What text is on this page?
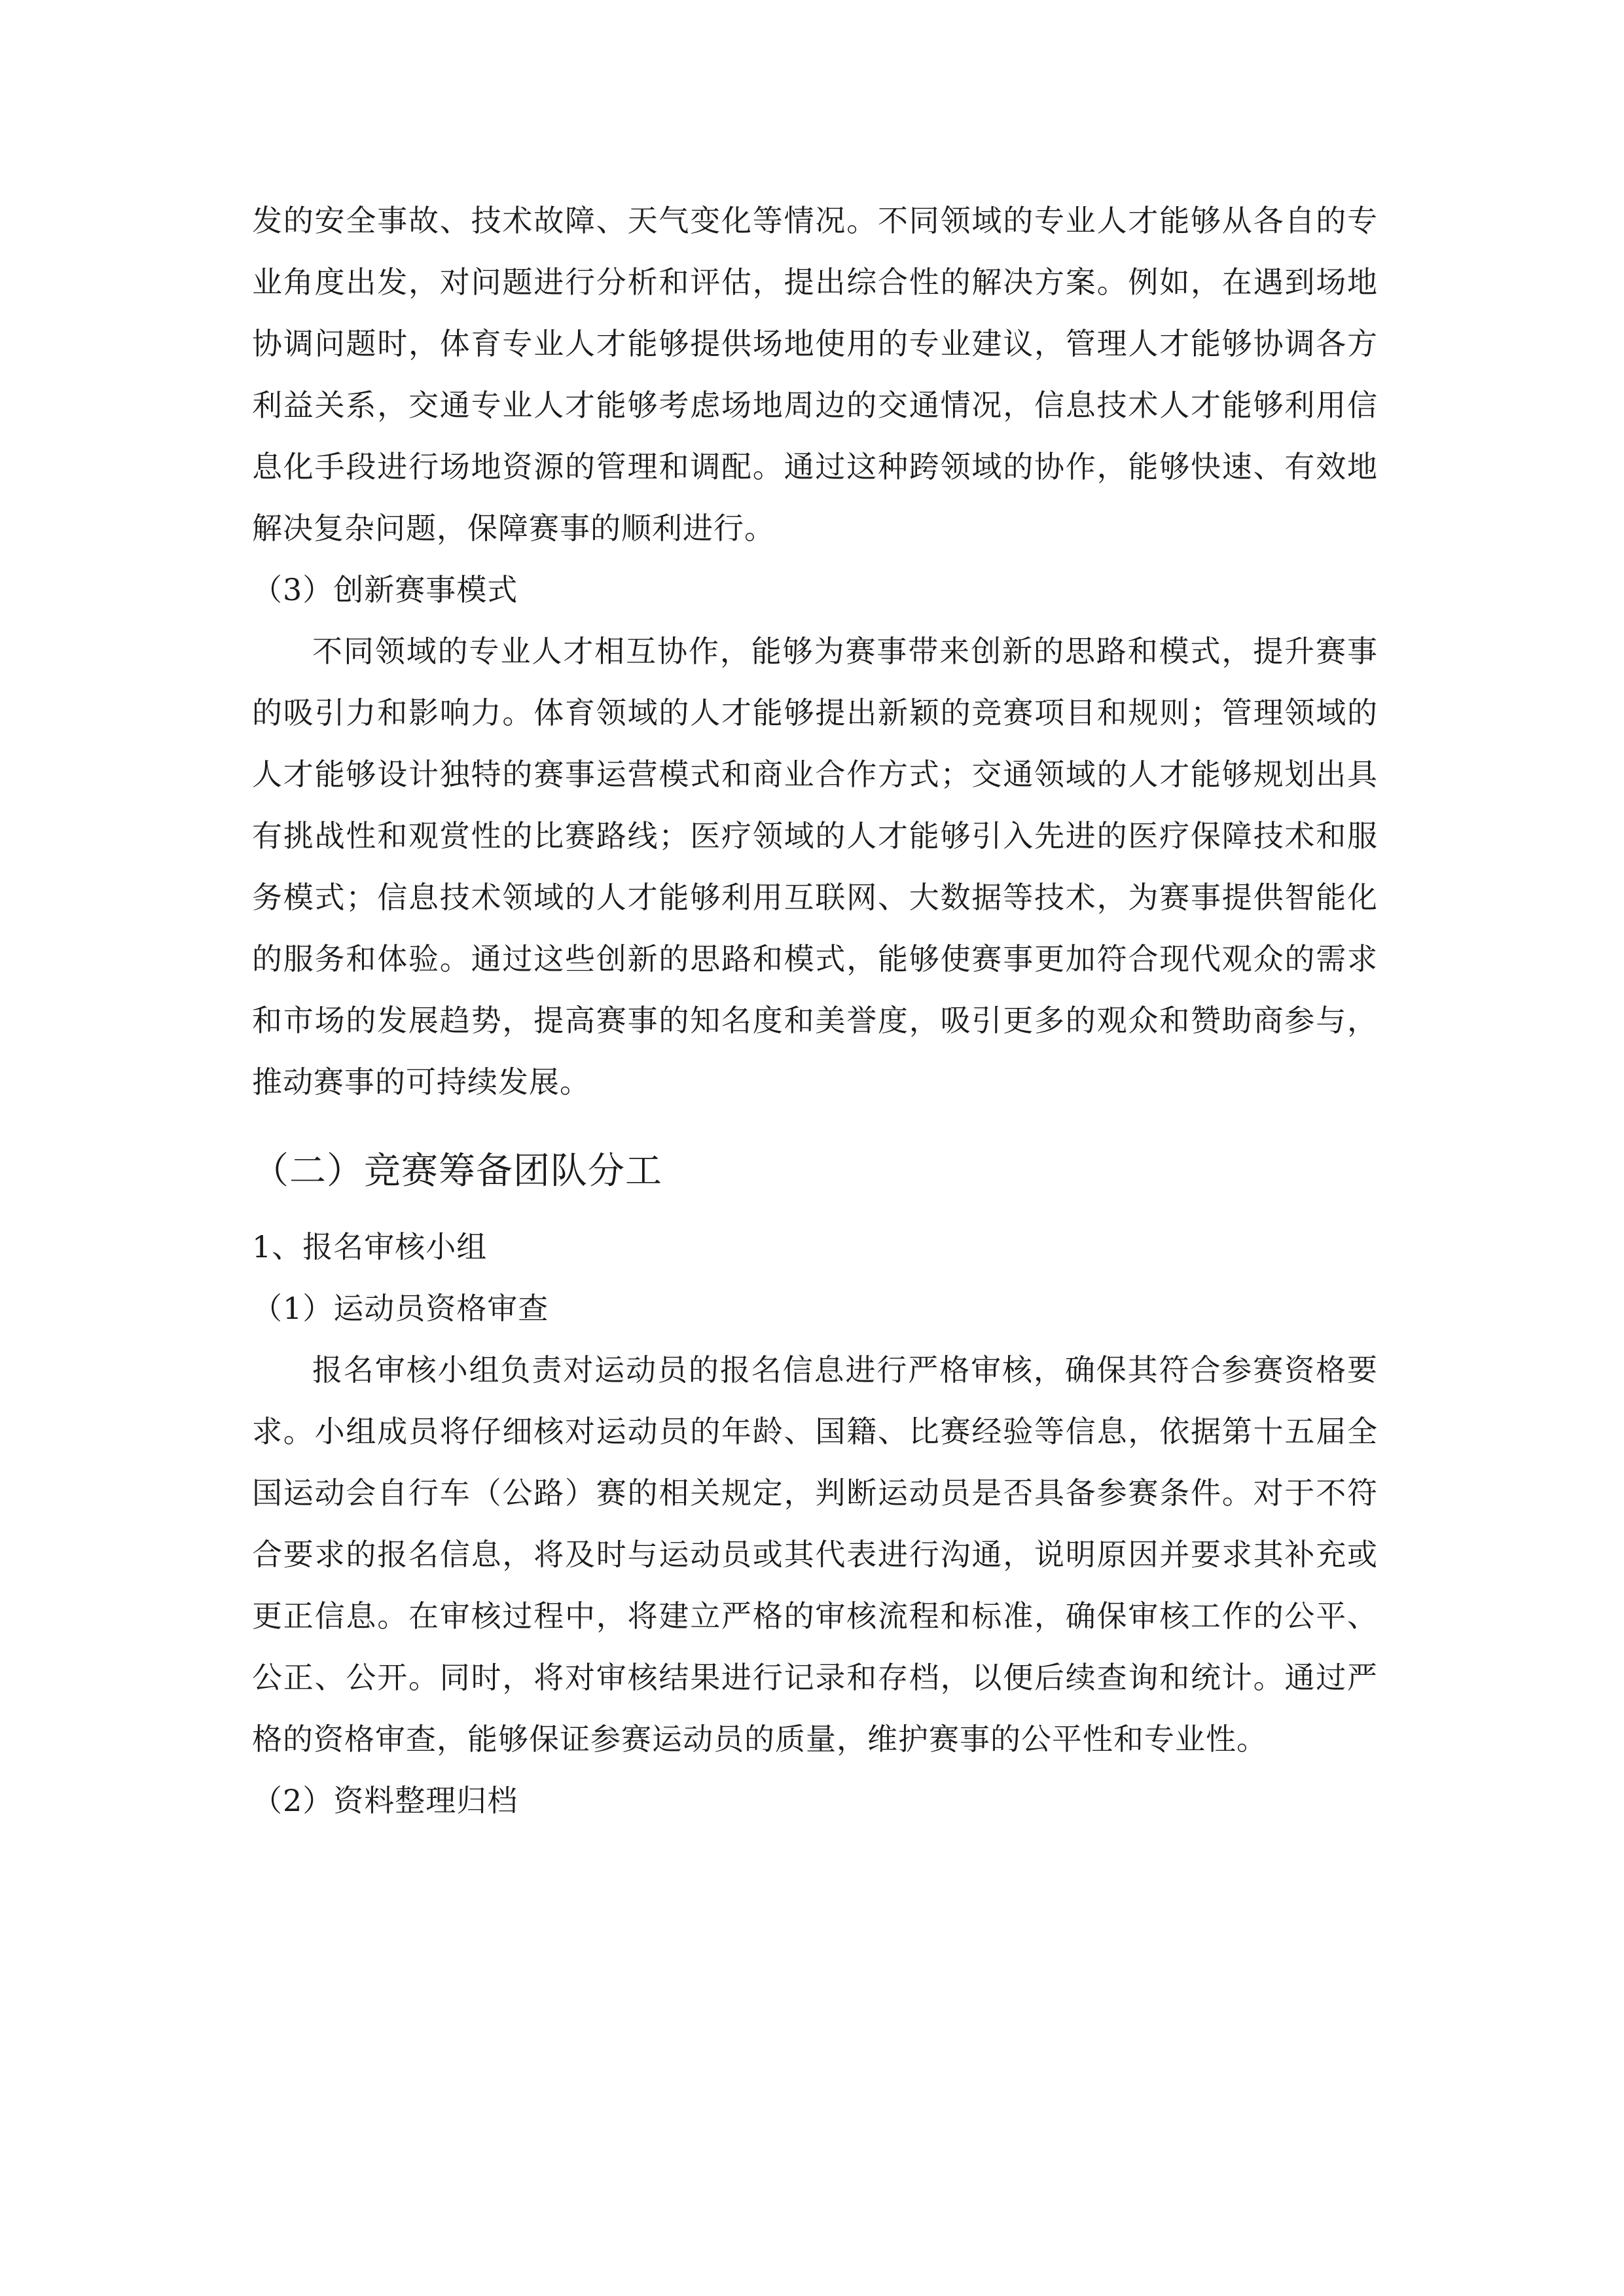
发的安全事故、技术故障、天气变化等情况。不同领域的专业人才能够从各自的专业角度出发，对问题进行分析和评估，提出综合性的解决方案。例如，在遇到场地协调问题时，体育专业人才能够提供场地使用的专业建议，管理人才能够协调各方利益关系，交通专业人才能够考虑场地周边的交通情况，信息技术人才能够利用信息化手段进行场地资源的管理和调配。通过这种跨领域的协作，能够快速、有效地解决复杂问题，保障赛事的顺利进行。

（3）创新赛事模式

不同领域的专业人才相互协作，能够为赛事带来创新的思路和模式，提升赛事的吸引力和影响力。体育领域的人才能够提出新颖的竞赛项目和规则；管理领域的人才能够设计独特的赛事运营模式和商业合作方式；交通领域的人才能够规划出具有挑战性和观赏性的比赛路线；医疗领域的人才能够引入先进的医疗保障技术和服务模式；信息技术领域的人才能够利用互联网、大数据等技术，为赛事提供智能化的服务和体验。通过这些创新的思路和模式，能够使赛事更加符合现代观众的需求和市场的发展趋势，提高赛事的知名度和美誉度，吸引更多的观众和赞助商参与，推动赛事的可持续发展。

（二）竞赛筹备团队分工

1、报名审核小组

（1）运动员资格审查

报名审核小组负责对运动员的报名信息进行严格审核，确保其符合参赛资格要求。小组成员将仔细核对运动员的年龄、国籍、比赛经验等信息，依据第十五届全国运动会自行车（公路）赛的相关规定，判断运动员是否具备参赛条件。对于不符合要求的报名信息，将及时与运动员或其代表进行沟通，说明原因并要求其补充或更正信息。在审核过程中，将建立严格的审核流程和标准，确保审核工作的公平、公正、公开。同时，将对审核结果进行记录和存档，以便后续查询和统计。通过严格的资格审查，能够保证参赛运动员的质量，维护赛事的公平性和专业性。

（2）资料整理归档
